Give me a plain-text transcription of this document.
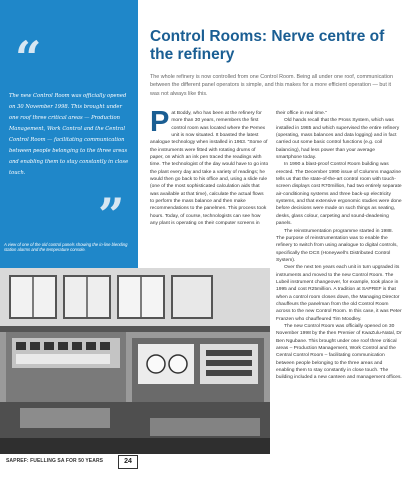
“

The new Control Room was officially opened on 30 November 1998. This brought under one roof three critical areas — Production Management, Work Control and the Central Control Room — facilitating communication between people belonging to the three areas and enabling them to stay constantly in close touch.

”

A view of one of the old control panels showing the in-line blending station alarms and the temperature console.

Control Rooms: Nerve centre of the refinery

The whole refinery is now controlled from one Control Room. Being all under one roof, communication between the different panel operators is simple, and this makes for a more efficient operation — but it was not always like this.

P at Boddy, who has been at the refinery for more than 30 years, remembers the first control room was located where the Pemex unit is now situated. It boasted the latest analogue technology when installed in 1963. “Some of the instruments were fitted with rotating drums of paper, on which an ink pen traced the readings with time. The technologist of the day would have to go into the plant every day and take a variety of readings; he would then go back to his office and, using a slide rule (one of the most sophisticated calculation aids that was available at that time), calculate the actual flows to perform the mass balance and then make recommendations to the panelmen. This process took hours. Today, of course, technologists can see how any plant is operating on their computer screens in

their office in real time.”

Old hands recall that the Pross System, which was installed in 1985 and which supervised the entire refinery (operating, mass balances and data logging) and in fact carried out some basic control functions (e.g. coil balancing), had less power than your average smartphone today.

In 1990 a blast-proof Control Room building was erected. The December 1990 issue of Columns magazine tells us that the state-of-the-art control room with touch-screen displays cost R70million, had two entirely separate air-conditioning systems and three back-up electricity systems, and that extensive ergonomic studies were done before decisions were made on such things as seating, desks, glass colour, carpeting and sound-deadening panels.

The reinstrumentation programme started in 1988. The purpose of reinstrumentation was to enable the refinery to switch from using analogue to digital controls, specifically the DCS (Honeywell’s Distributed Control System).

Over the next ten years each unit in turn upgraded its instruments and moved to the new Control Room. The Lubeil instrument changeover, for example, took place in 1995 and cost R25million. A tradition at SAPREF is that when a control room closes down, the Managing Director chauffeurs the panelman from the old Control Room across to the new Control Room. In this case, it was Peter Franzen who chauffeured Tim Moodley.

The new Control Room was officially opened on 30 November 1998 by the then Premier of KwaZulu-Natal, Dr Ben Ngubane. This brought under one roof three critical areas – Production Management, Work Control and the Central Control Room – facilitating communication between people belonging to the three areas and enabling them to stay constantly in close touch. The building included a new canteen and management offices.

SAPREF: FUELLING SA FOR 50 YEARS	24
